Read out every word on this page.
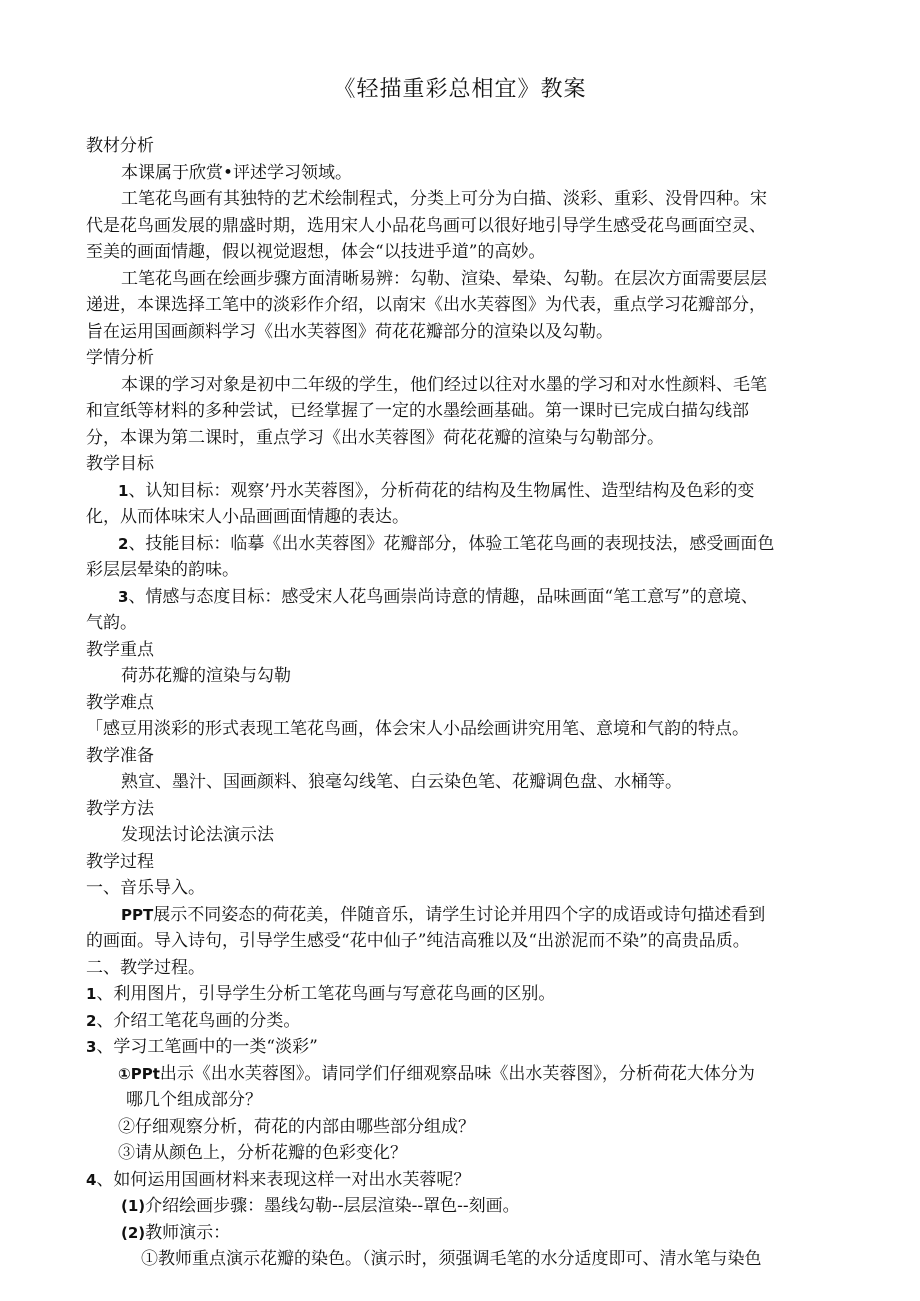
《轻描重彩总相宜》教案
教材分析
本课属于欣赏•评述学习领域。
工笔花鸟画有其独特的艺术绘制程式，分类上可分为白描、淡彩、重彩、没骨四种。宋
代是花鸟画发展的鼎盛时期，选用宋人小品花鸟画可以很好地引导学生感受花鸟画面空灵、
至美的画面情趣，假以视觉遐想，体会“以技进乎道”的高妙。
工笔花鸟画在绘画步骤方面清晰易辨：勾勒、渲染、晕染、勾勒。在层次方面需要层层
递进，本课选择工笔中的淡彩作介绍，以南宋《出水芙蓉图》为代表，重点学习花瓣部分，
旨在运用国画颜料学习《出水芙蓉图》荷花花瓣部分的渲染以及勾勒。
学情分析
本课的学习对象是初中二年级的学生，他们经过以往对水墨的学习和对水性颜料、毛笔
和宣纸等材料的多种尝试，已经掌握了一定的水墨绘画基础。第一课时已完成白描勾线部
分，本课为第二课时，重点学习《出水芙蓉图》荷花花瓣的渲染与勾勒部分。
教学目标
1、认知目标：观察’丹水芙蓉图》，分析荷花的结构及生物属性、造型结构及色彩的变
化，从而体味宋人小品画画面情趣的表达。
2、技能目标：临摹《出水芙蓉图》花瓣部分，体验工笔花鸟画的表现技法，感受画面色
彩层层晕染的韵味。
3、情感与态度目标：感受宋人花鸟画崇尚诗意的情趣，品味画面“笔工意写”的意境、
气韵。
教学重点
荷苏花瓣的渲染与勾勒
教学难点
「感豆用淡彩的形式表现工笔花鸟画，体会宋人小品绘画讲究用笔、意境和气韵的特点。
教学准备
熟宣、墨汁、国画颜料、狼毫勾线笔、白云染色笔、花瓣调色盘、水桶等。
教学方法
发现法讨论法演示法
教学过程
一、音乐导入。
PPT展示不同姿态的荷花美，伴随音乐，请学生讨论并用四个字的成语或诗句描述看到
的画面。导入诗句，引导学生感受“花中仙子”纯洁高雅以及“出淤泥而不染”的高贵品质。
二、教学过程。
1、利用图片，引导学生分析工笔花鸟画与写意花鸟画的区别。
2、介绍工笔花鸟画的分类。
3、学习工笔画中的一类“淡彩”
①PPt出示《出水芙蓉图》。请同学们仔细观察品味《出水芙蓉图》，分析荷花大体分为
哪几个组成部分？
②仔细观察分析，荷花的内部由哪些部分组成？
③请从颜色上，分析花瓣的色彩变化？
4、如何运用国画材料来表现这样一对出水芙蓉呢？
(1)介绍绘画步骤：墨线勾勒--层层渲染--罩色--刻画。
(2)教师演示：
①教师重点演示花瓣的染色。（演示时，须强调毛笔的水分适度即可、清水笔与染色
